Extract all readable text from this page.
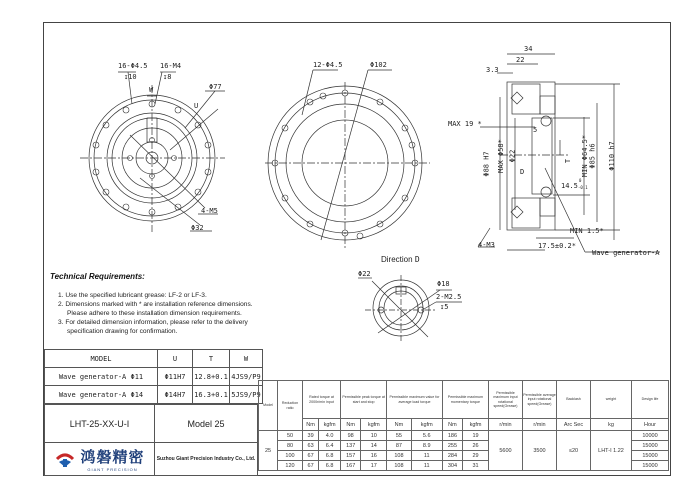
16-Φ4.5
↧10
16-M4
↧8
W	Φ77
U
4-M5
Φ32
12-Φ4.5	Φ102
34
22
3.3
MAX 19 *
5
Φ88 H7 MAX Φ58* Φ22
D
T MIN Φ64.5* Φ85 h6 Φ110 h7
14.5
0
-0.1
MIN 1.5*
4-M3	17.5±0.2*
Wave generator-A
Direction D
Φ22
Φ18
2-M2.5
↧5
Technical Requirements:
1. Use the specified lubricant grease: LF-2 or LF-3.
2. Dimensions marked with * are installation reference dimensions.
Please adhere to these installation dimension requirements.
3. For detailed dimension information, please refer to the delivery
specification drawing for confirmation.
MODEL	U	T	W
Wave generator-A Φ11	Φ11H7	12.8+0.1	4JS9/P9
Wave generator-A Φ14	Φ14H7	16.3+0.1	5JS9/P9
LHT-25-XX-U-I	Model 25

鸿磐精密
GIANT PRECISION	Suzhou Giant Precision Industry Co., Ltd.
Model	Reduction ratio	Rated torque at 2000r/min input		Permissible peak torque at start and stop		Permissible maximum value for average load torque		Permissible maximum momentary torque		Permissible maximum input rotational speed(Grease)	Permissible average input rotational speed(Grease)	Backlash	weight	Design life
		Nm	kgfm	Nm	kgfm	Nm	kgfm	Nm	kgfm	r/min	r/min	Arc Sec	kg	Hour
25	50	39	4.0	98	10	55	5.6	186	19	5600	3500	≤20	LHT-I 1.22	10000
	80	63	6.4	137	14	87	8.9	255	26					15000
	100	67	6.8	157	16	108	11	284	29					15000
	120	67	6.8	167	17	108	11	304	31					15000
